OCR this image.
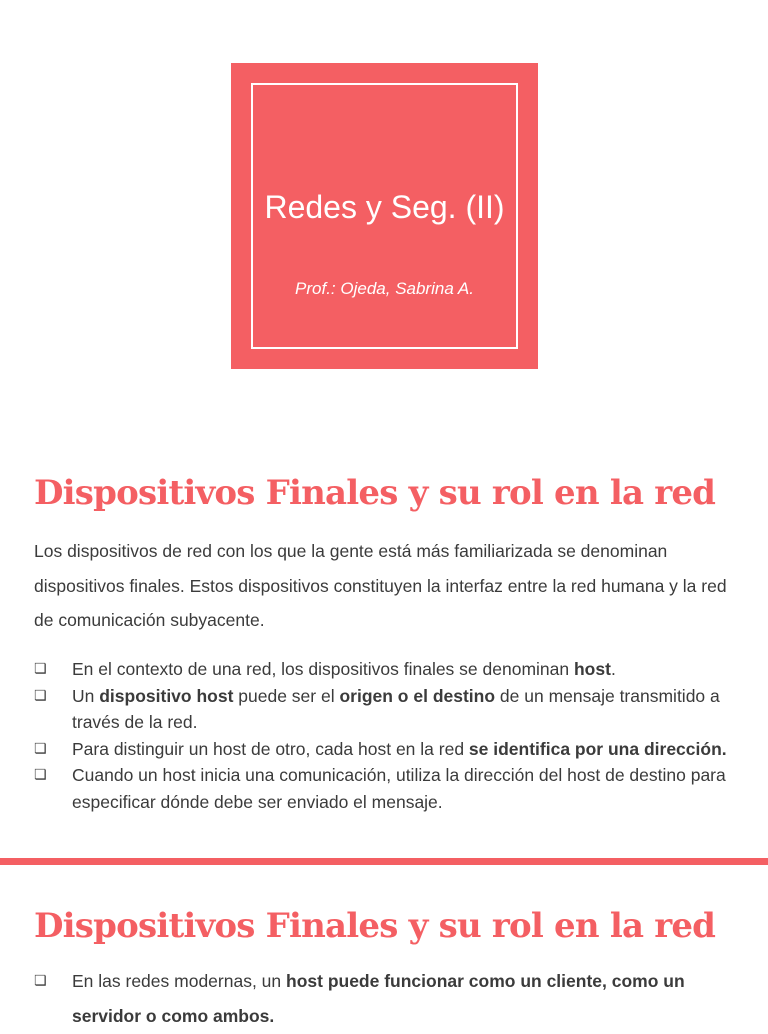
Redes y Seg. (II)
Prof.: Ojeda, Sabrina A.
Dispositivos Finales y su rol en la red

Los dispositivos de red con los que la gente está más familiarizada se denominan dispositivos finales. Estos dispositivos constituyen la interfaz entre la red humana y la red de comunicación subyacente.

❏ En el contexto de una red, los dispositivos finales se denominan host.
❏ Un dispositivo host puede ser el origen o el destino de un mensaje transmitido a través de la red.
❏ Para distinguir un host de otro, cada host en la red se identifica por una dirección.
❏ Cuando un host inicia una comunicación, utiliza la dirección del host de destino para especificar dónde debe ser enviado el mensaje.
Dispositivos Finales y su rol en la red
❏ En las redes modernas, un host puede funcionar como un cliente, como un servidor o como ambos.
